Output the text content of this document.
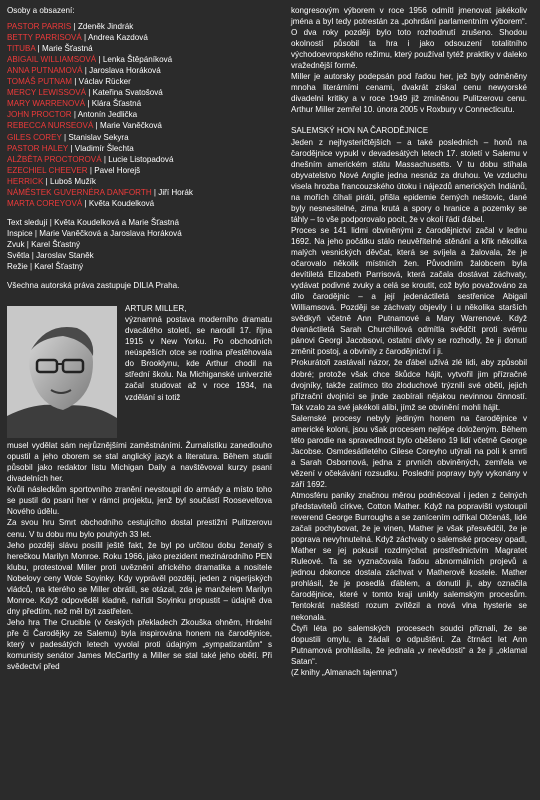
Osoby a obsazení:

PASTOR PARRIS | Zdeněk Jindrák
BETTY PARRISOVÁ | Andrea Kazdová
TITUBA | Marie Šťastná
ABIGAIL WILLIAMSOVÁ | Lenka Štěpáníková
ANNA PUTNAMOVÁ | Jaroslava Horáková
TOMÁŠ PUTNAM | Václav Rücker
MERCY LEWISSOVÁ | Kateřina Svatošová
MARY WARRENOVÁ | Klára Šťastná
JOHN PROCTOR | Antonín Jedlička
REBECCA NURSEOVÁ | Marie Vaněčková
GILES COREY | Stanislav Sekyra
PASTOR HALEY | Vladimír Šlechta
ALŽBĚTA PROCTOROVÁ | Lucie Listopadová
EZECHIEL CHEEVER | Pavel Horejš
HERRICK | Luboš Mužík
NÁMĚSTEK GUVERNÉRA DANFORTH | Jiří Horák
MARTA COREYOVÁ | Květa Koudelková

Text sledují | Květa Koudelková a Marie Šťastná

Inspice | Marie Vaněčková a Jaroslava Horáková

Zvuk | Karel Šťastný

Světla | Jaroslav Staněk

Režie | Karel Šťastný

Všechna autorská práva zastupuje DILIA Praha.

ARTUR MILLER,

významná postava moderního dramatu dvacátého století, se narodil 17. října 1915 v New Yorku. Po obchodních neúspěších otce se rodina přestěhovala do Brooklynu, kde Arthur chodil na střední školu. Na Michiganské univerzité začal studovat až v roce 1934, na vzdělání si totiž

musel vydělat sám nejrůznějšími zaměstnáními. Žurnalistiku zanedlouho opustil a jeho oborem se stal anglický jazyk a literatura. Během studií působil jako redaktor listu Michigan Daily a navštěvoval kurzy psaní divadelních her.

Kvůli následkům sportovního zranění nevstoupil do armády a místo toho se pustil do psaní her v rámci projektu, jenž byl součástí Rooseveltova Nového údělu.

Za svou hru Smrt obchodního cestujícího dostal prestižní Pulitzerovu cenu. V tu dobu mu bylo pouhých 33 let.

Jeho později slávu posílil ještě fakt, že byl po určitou dobu ženatý s herečkou Marilyn Monroe. Roku 1966, jako prezident mezinárodního PEN klubu, protestoval Miller proti uvěznění afrického dramatika a nositele Nobelovy ceny Wole Soyinky. Kdy vyprávěl později, jeden z nigerijských vládců, na kterého se Miller obrátil, se otázal, zda je manželem Marilyn Monroe. Když odpověděl kladně, nařídil Soyinku propustit – údajně dva dny předtím, než měl být zastřelen.

Jeho hra The Crucible (v českých překladech Zkouška ohněm, Hrdelní pře či Čarodějky ze Salemu) byla inspirována honem na čarodějnice, který v padesátých letech vyvolal proti údajným „sympatizantům“ s komunisty senátor James McCarthy a Miller se stal také jeho obětí. Při svědectví před

kongresovým výborem v roce 1956 odmítl jmenovat jakékoliv jména a byl tedy potrestán za „pohrdání parlamentním výborem“. O dva roky později bylo toto rozhodnutí zrušeno. Shodou okolností působil ta hra i jako odsouzení totalitního východoevropského režimu, který používal tytéž praktiky v daleko vražednější formě.

Miller je autorsky podepsán pod řadou her, jež byly odměněny mnoha literárními cenami, dvakrát získal cenu newyorské divadelní kritiky a v roce 1949 již zmíněnou Pulitzerovu cenu. Arthur Miller zemřel 10. února 2005 v Roxbury v Connecticutu.

SALEMSKÝ HON NA ČARODĚJNICE

Jeden z nejhysteričtějších – a také posledních – honů na čarodějnice vypukl v devadesátých letech 17. století v Salemu v dnešním americkém státu Massachusetts. V tu dobu stíhala obyvatelstvo Nové Anglie jedna nesnáz za druhou. Ve vzduchu visela hrozba francouzského útoku i nájezdů amerických Indiánů, na mořích číhali piráti, přišla epidemie černých neštovic, dané byly nesnesitelné, zima krutá a spory o hranice a pozemky se táhly – to vše podporovalo pocit, že v okolí řádí ďábel.

Proces se 141 lidmi obviněnými z čarodějnictví začal v lednu 1692. Na jeho počátku stálo neuvěřitelné stěnání a křik několika malých vesnických děvčat, která se svíjela a žalovala, že je očarovalo několik místních žen. Původním žalobcem byla devítiletá Elizabeth Parrisová, která začala dostávat záchvaty, vydávat podivné zvuky a celá se kroutit, což bylo považováno za dílo čarodějnic – a její jedenáctiletá sestřenice Abigail Williamsová. Později se záchvaty objevily i u několika starších svědkyň včetně Ann Putnamové a Mary Warrenové. Když dvanáctiletá Sarah Churchillová odmítla svědčit proti svému pánovi Georgi Jacobsovi, ostatní dívky se rozhodly, že ji donutí změnit postoj, a obvinily z čarodějnictví i ji.

Prokurátoři zastávali názor, že ďábel užívá zlé lidi, aby způsobil dobré; protože však chce škůdce hájit, vytvořil jim přízračné dvojníky, takže zatímco tito zloduchové trýznili své oběti, jejich přízrační dvojníci se jinde zaobírali nějakou nevinnou činností. Tak vzalo za své jakékoli alibi, jímž se obvinění mohli hájit.

Salemské procesy nebyly jediným honem na čarodějnice v americké koloni, jsou však procesem nejlépe doloženým. Během této parodie na spravedlnost bylo oběšeno 19 lidí včetně George Jacobse. Osmdesátiletého Gilese Coreyho utýrali na poli k smrti a Sarah Osbornová, jedna z prvních obviněných, zemřela ve vězení v očekávání rozsudku. Poslední popravy byly vykonány v září 1692.

Atmosféru paniky značnou měrou podněcoval i jeden z čelných představitelů církve, Cotton Mather. Když na popravišti vystoupil reverend George Burroughs a se zanícením odříkal Otčenáš, lidé začali pochybovat, že je vinen, Mather je však přesvědčil, že je poprava nevyhnutelná. Když záchvaty o salemské procesy opadl, Mather se jej pokusil rozdmýchat prostřednictvím Magratet Ruleové. Ta se vyznačovala řadou abnormálních projevů a jednou dokonce dostala záchvat v Matherově kostele. Mather prohlásil, že je posedlá ďáblem, a donutil ji, aby označila čarodějnice, které v tomto kraji unikly salemským procesům. Tentokrát naštěstí rozum zvítězil a nová vlna hysterie se nekonala.

Čtyři léta po salemských procesech soudci přiznali, že se dopustili omylu, a žádali o odpuštění. Za čtrnáct let Ann Putnamová prohlásila, že jednala „v nevědosti“ a že ji „oklamal Satan“.

(Z knihy „Almanach tajemna“)
